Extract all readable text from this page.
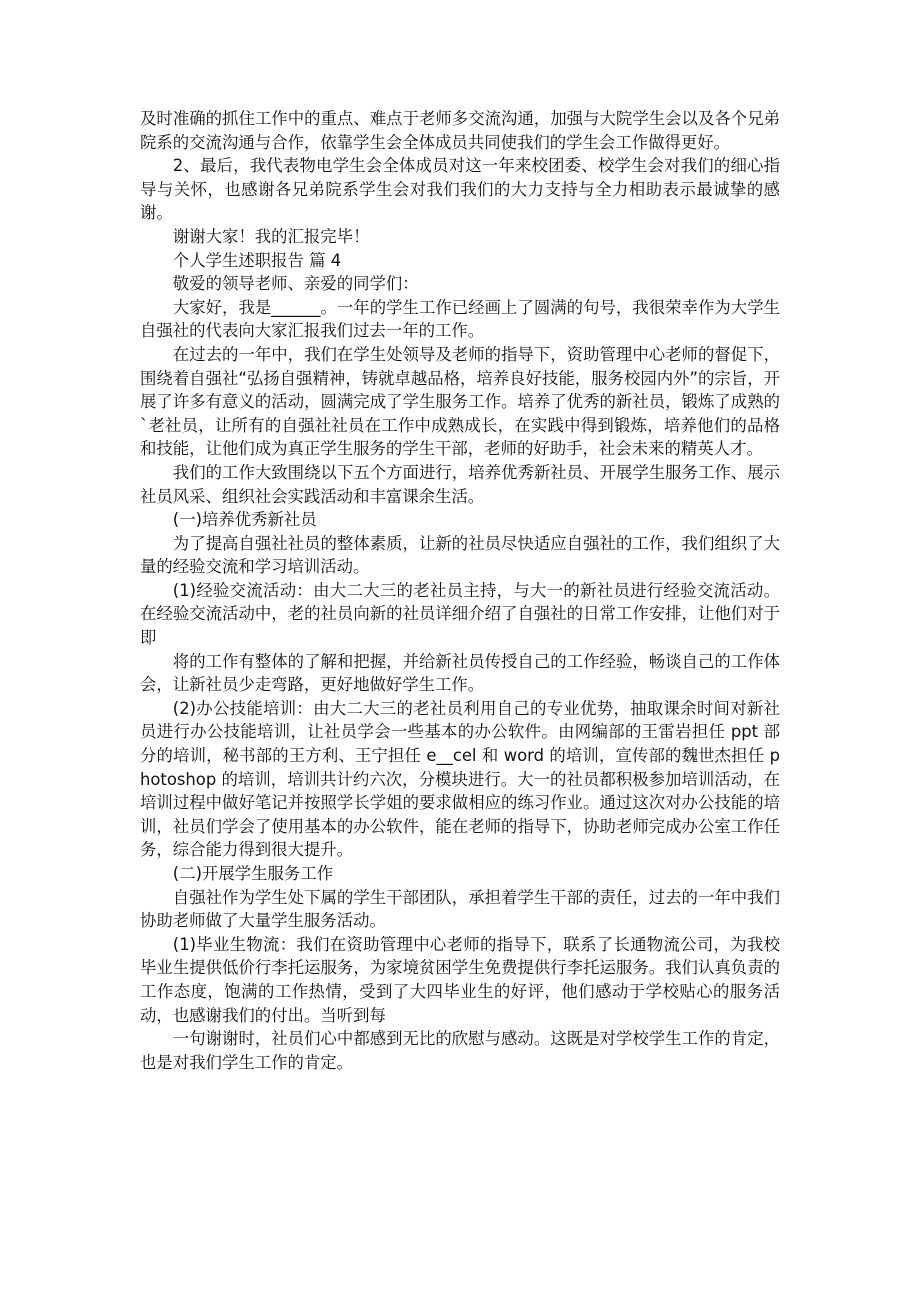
及时准确的抓住工作中的重点、难点于老师多交流沟通，加强与大院学生会以及各个兄弟院系的交流沟通与合作，依靠学生会全体成员共同使我们的学生会工作做得更好。

2、最后，我代表物电学生会全体成员对这一年来校团委、校学生会对我们的细心指导与关怀，也感谢各兄弟院系学生会对我们我们的大力支持与全力相助表示最诚挚的感谢。

谢谢大家！我的汇报完毕！

个人学生述职报告 篇 4

敬爱的领导老师、亲爱的同学们：

大家好，我是______。一年的学生工作已经画上了圆满的句号，我很荣幸作为大学生自强社的代表向大家汇报我们过去一年的工作。

在过去的一年中，我们在学生处领导及老师的指导下，资助管理中心老师的督促下，围绕着自强社“弘扬自强精神，铸就卓越品格，培养良好技能，服务校园内外”的宗旨，开展了许多有意义的活动，圆满完成了学生服务工作。培养了优秀的新社员，锻炼了成熟的`老社员，让所有的自强社社员在工作中成熟成长，在实践中得到锻炼，培养他们的品格和技能，让他们成为真正学生服务的学生干部，老师的好助手，社会未来的精英人才。

我们的工作大致围绕以下五个方面进行，培养优秀新社员、开展学生服务工作、展示社员风采、组织社会实践活动和丰富课余生活。

(一)培养优秀新社员

为了提高自强社社员的整体素质，让新的社员尽快适应自强社的工作，我们组织了大量的经验交流和学习培训活动。

(1)经验交流活动：由大二大三的老社员主持，与大一的新社员进行经验交流活动。在经验交流活动中，老的社员向新的社员详细介绍了自强社的日常工作安排，让他们对于即

将的工作有整体的了解和把握，并给新社员传授自己的工作经验，畅谈自己的工作体会，让新社员少走弯路，更好地做好学生工作。

(2)办公技能培训：由大二大三的老社员利用自己的专业优势，抽取课余时间对新社员进行办公技能培训，让社员学会一些基本的办公软件。由网编部的王雷岩担任 ppt 部分的培训，秘书部的王方利、王宁担任 e__cel 和 word 的培训，宣传部的魏世杰担任 photoshop 的培训，培训共计约六次，分模块进行。大一的社员都积极参加培训活动，在培训过程中做好笔记并按照学长学姐的要求做相应的练习作业。通过这次对办公技能的培训，社员们学会了使用基本的办公软件，能在老师的指导下，协助老师完成办公室工作任务，综合能力得到很大提升。

(二)开展学生服务工作

自强社作为学生处下属的学生干部团队，承担着学生干部的责任，过去的一年中我们协助老师做了大量学生服务活动。

(1)毕业生物流：我们在资助管理中心老师的指导下，联系了长通物流公司，为我校毕业生提供低价行李托运服务，为家境贫困学生免费提供行李托运服务。我们认真负责的工作态度，饱满的工作热情，受到了大四毕业生的好评，他们感动于学校贴心的服务活动，也感谢我们的付出。当听到每

一句谢谢时，社员们心中都感到无比的欣慰与感动。这既是对学校学生工作的肯定，也是对我们学生工作的肯定。
